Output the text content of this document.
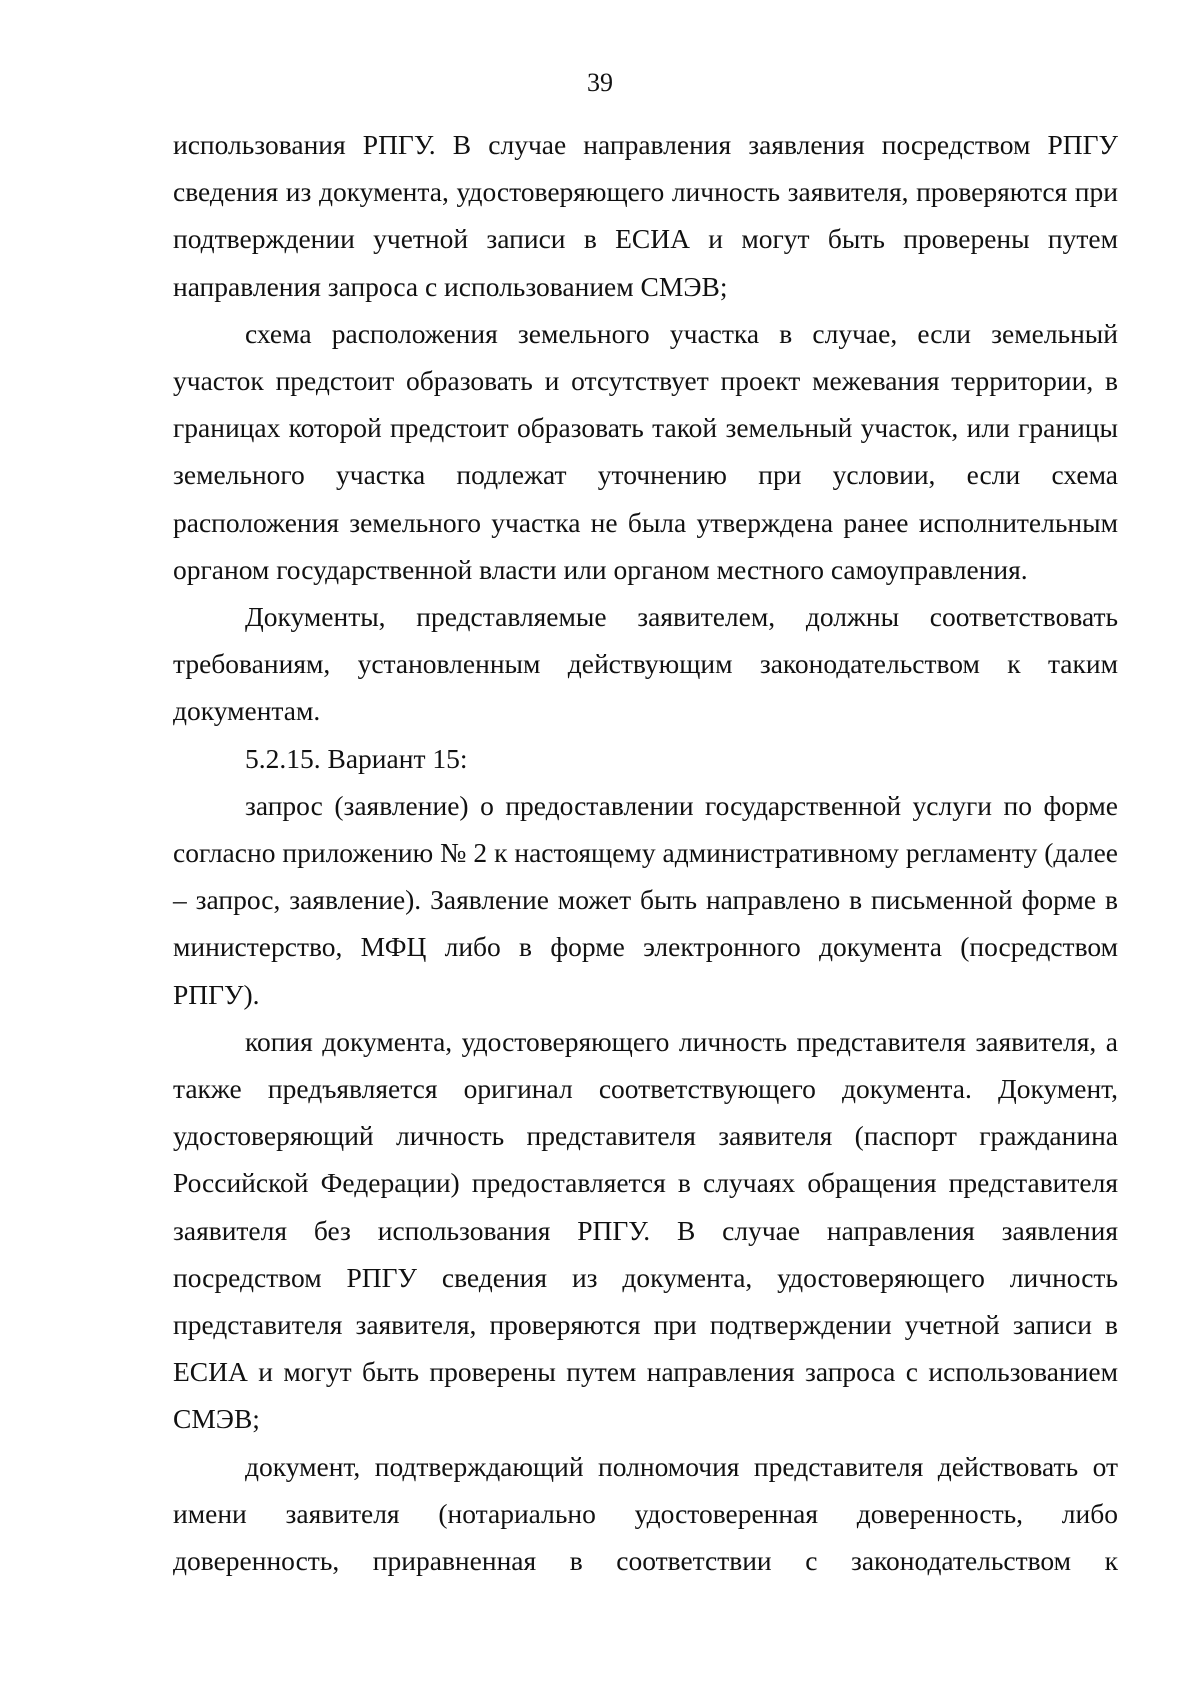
39

использования РПГУ. В случае направления заявления посредством РПГУ сведения из документа, удостоверяющего личность заявителя, проверяются при подтверждении учетной записи в ЕСИА и могут быть проверены путем направления запроса с использованием СМЭВ;

схема расположения земельного участка в случае, если земельный участок предстоит образовать и отсутствует проект межевания территории, в границах которой предстоит образовать такой земельный участок, или границы земельного участка подлежат уточнению при условии, если схема расположения земельного участка не была утверждена ранее исполнительным органом государственной власти или органом местного самоуправления.

Документы, представляемые заявителем, должны соответствовать требованиям, установленным действующим законодательством к таким документам.

5.2.15. Вариант 15:

запрос (заявление) о предоставлении государственной услуги по форме согласно приложению № 2 к настоящему административному регламенту (далее – запрос, заявление). Заявление может быть направлено в письменной форме в министерство, МФЦ либо в форме электронного документа (посредством РПГУ).

копия документа, удостоверяющего личность представителя заявителя, а также предъявляется оригинал соответствующего документа. Документ, удостоверяющий личность представителя заявителя (паспорт гражданина Российской Федерации) предоставляется в случаях обращения представителя заявителя без использования РПГУ. В случае направления заявления посредством РПГУ сведения из документа, удостоверяющего личность представителя заявителя, проверяются при подтверждении учетной записи в ЕСИА и могут быть проверены путем направления запроса с использованием СМЭВ;

документ, подтверждающий полномочия представителя действовать от имени заявителя (нотариально удостоверенная доверенность, либо доверенность, приравненная в соответствии с законодательством к
